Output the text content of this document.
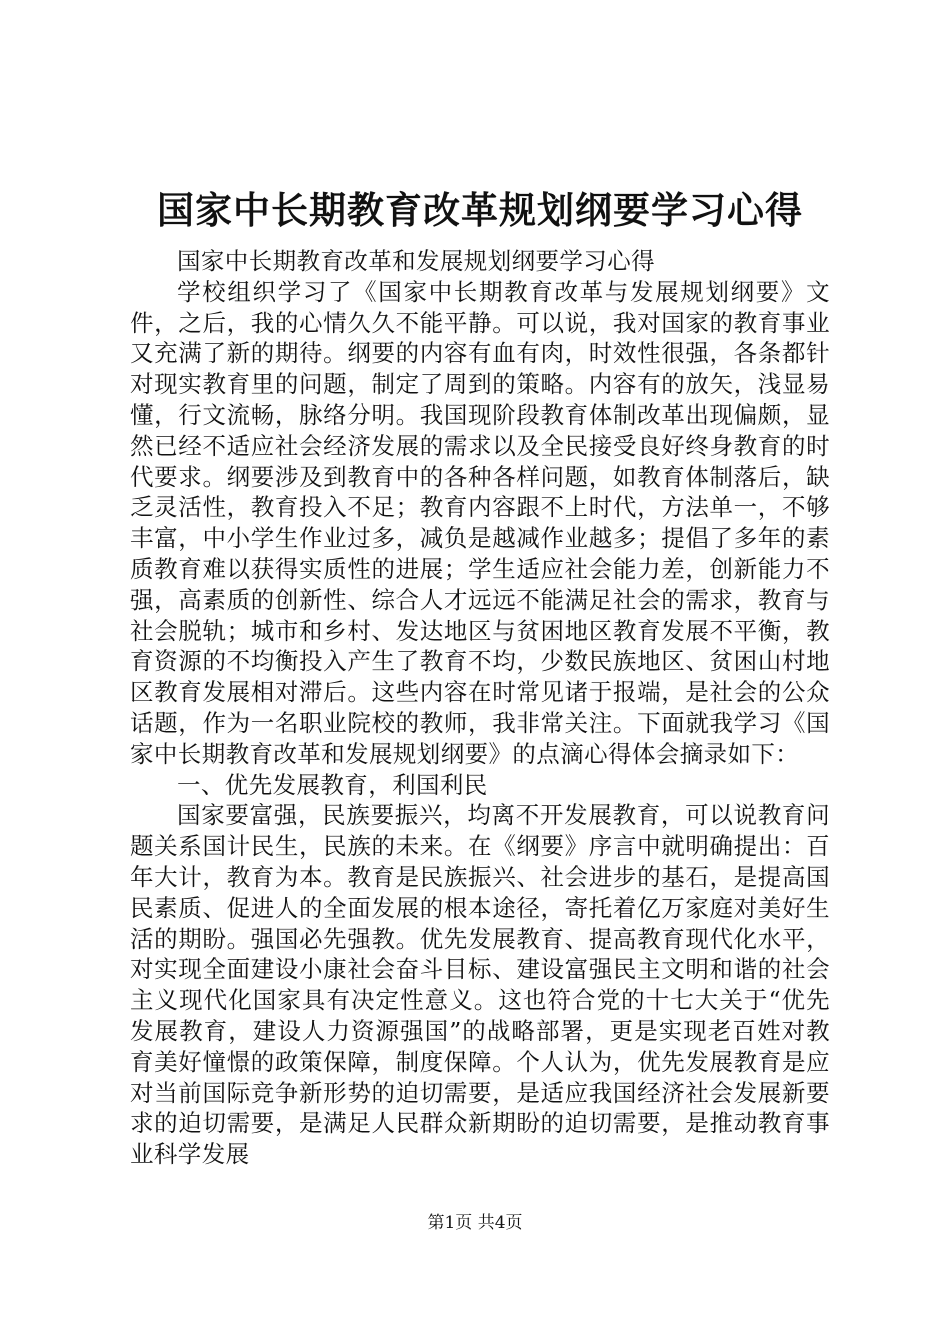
国家中长期教育改革规划纲要学习心得

国家中长期教育改革和发展规划纲要学习心得

学校组织学习了《国家中长期教育改革与发展规划纲要》文件，之后，我的心情久久不能平静。可以说，我对国家的教育事业又充满了新的期待。纲要的内容有血有肉，时效性很强，各条都针对现实教育里的问题，制定了周到的策略。内容有的放矢，浅显易懂，行文流畅，脉络分明。我国现阶段教育体制改革出现偏颇，显然已经不适应社会经济发展的需求以及全民接受良好终身教育的时代要求。纲要涉及到教育中的各种各样问题，如教育体制落后，缺乏灵活性，教育投入不足；教育内容跟不上时代，方法单一，不够丰富，中小学生作业过多，减负是越减作业越多；提倡了多年的素质教育难以获得实质性的进展；学生适应社会能力差，创新能力不强，高素质的创新性、综合人才远远不能满足社会的需求，教育与社会脱轨；城市和乡村、发达地区与贫困地区教育发展不平衡，教育资源的不均衡投入产生了教育不均，少数民族地区、贫困山村地区教育发展相对滞后。这些内容在时常见诸于报端，是社会的公众话题，作为一名职业院校的教师，我非常关注。下面就我学习《国家中长期教育改革和发展规划纲要》的点滴心得体会摘录如下：

一、优先发展教育，利国利民

国家要富强，民族要振兴，均离不开发展教育，可以说教育问题关系国计民生，民族的未来。在《纲要》序言中就明确提出：百年大计，教育为本。教育是民族振兴、社会进步的基石，是提高国民素质、促进人的全面发展的根本途径，寄托着亿万家庭对美好生活的期盼。强国必先强教。优先发展教育、提高教育现代化水平，对实现全面建设小康社会奋斗目标、建设富强民主文明和谐的社会主义现代化国家具有决定性意义。这也符合党的十七大关于“优先发展教育，建设人力资源强国”的战略部署，更是实现老百姓对教育美好憧憬的政策保障，制度保障。个人认为，优先发展教育是应对当前国际竞争新形势的迫切需要，是适应我国经济社会发展新要求的迫切需要，是满足人民群众新期盼的迫切需要，是推动教育事业科学发展

第1页 共4页
